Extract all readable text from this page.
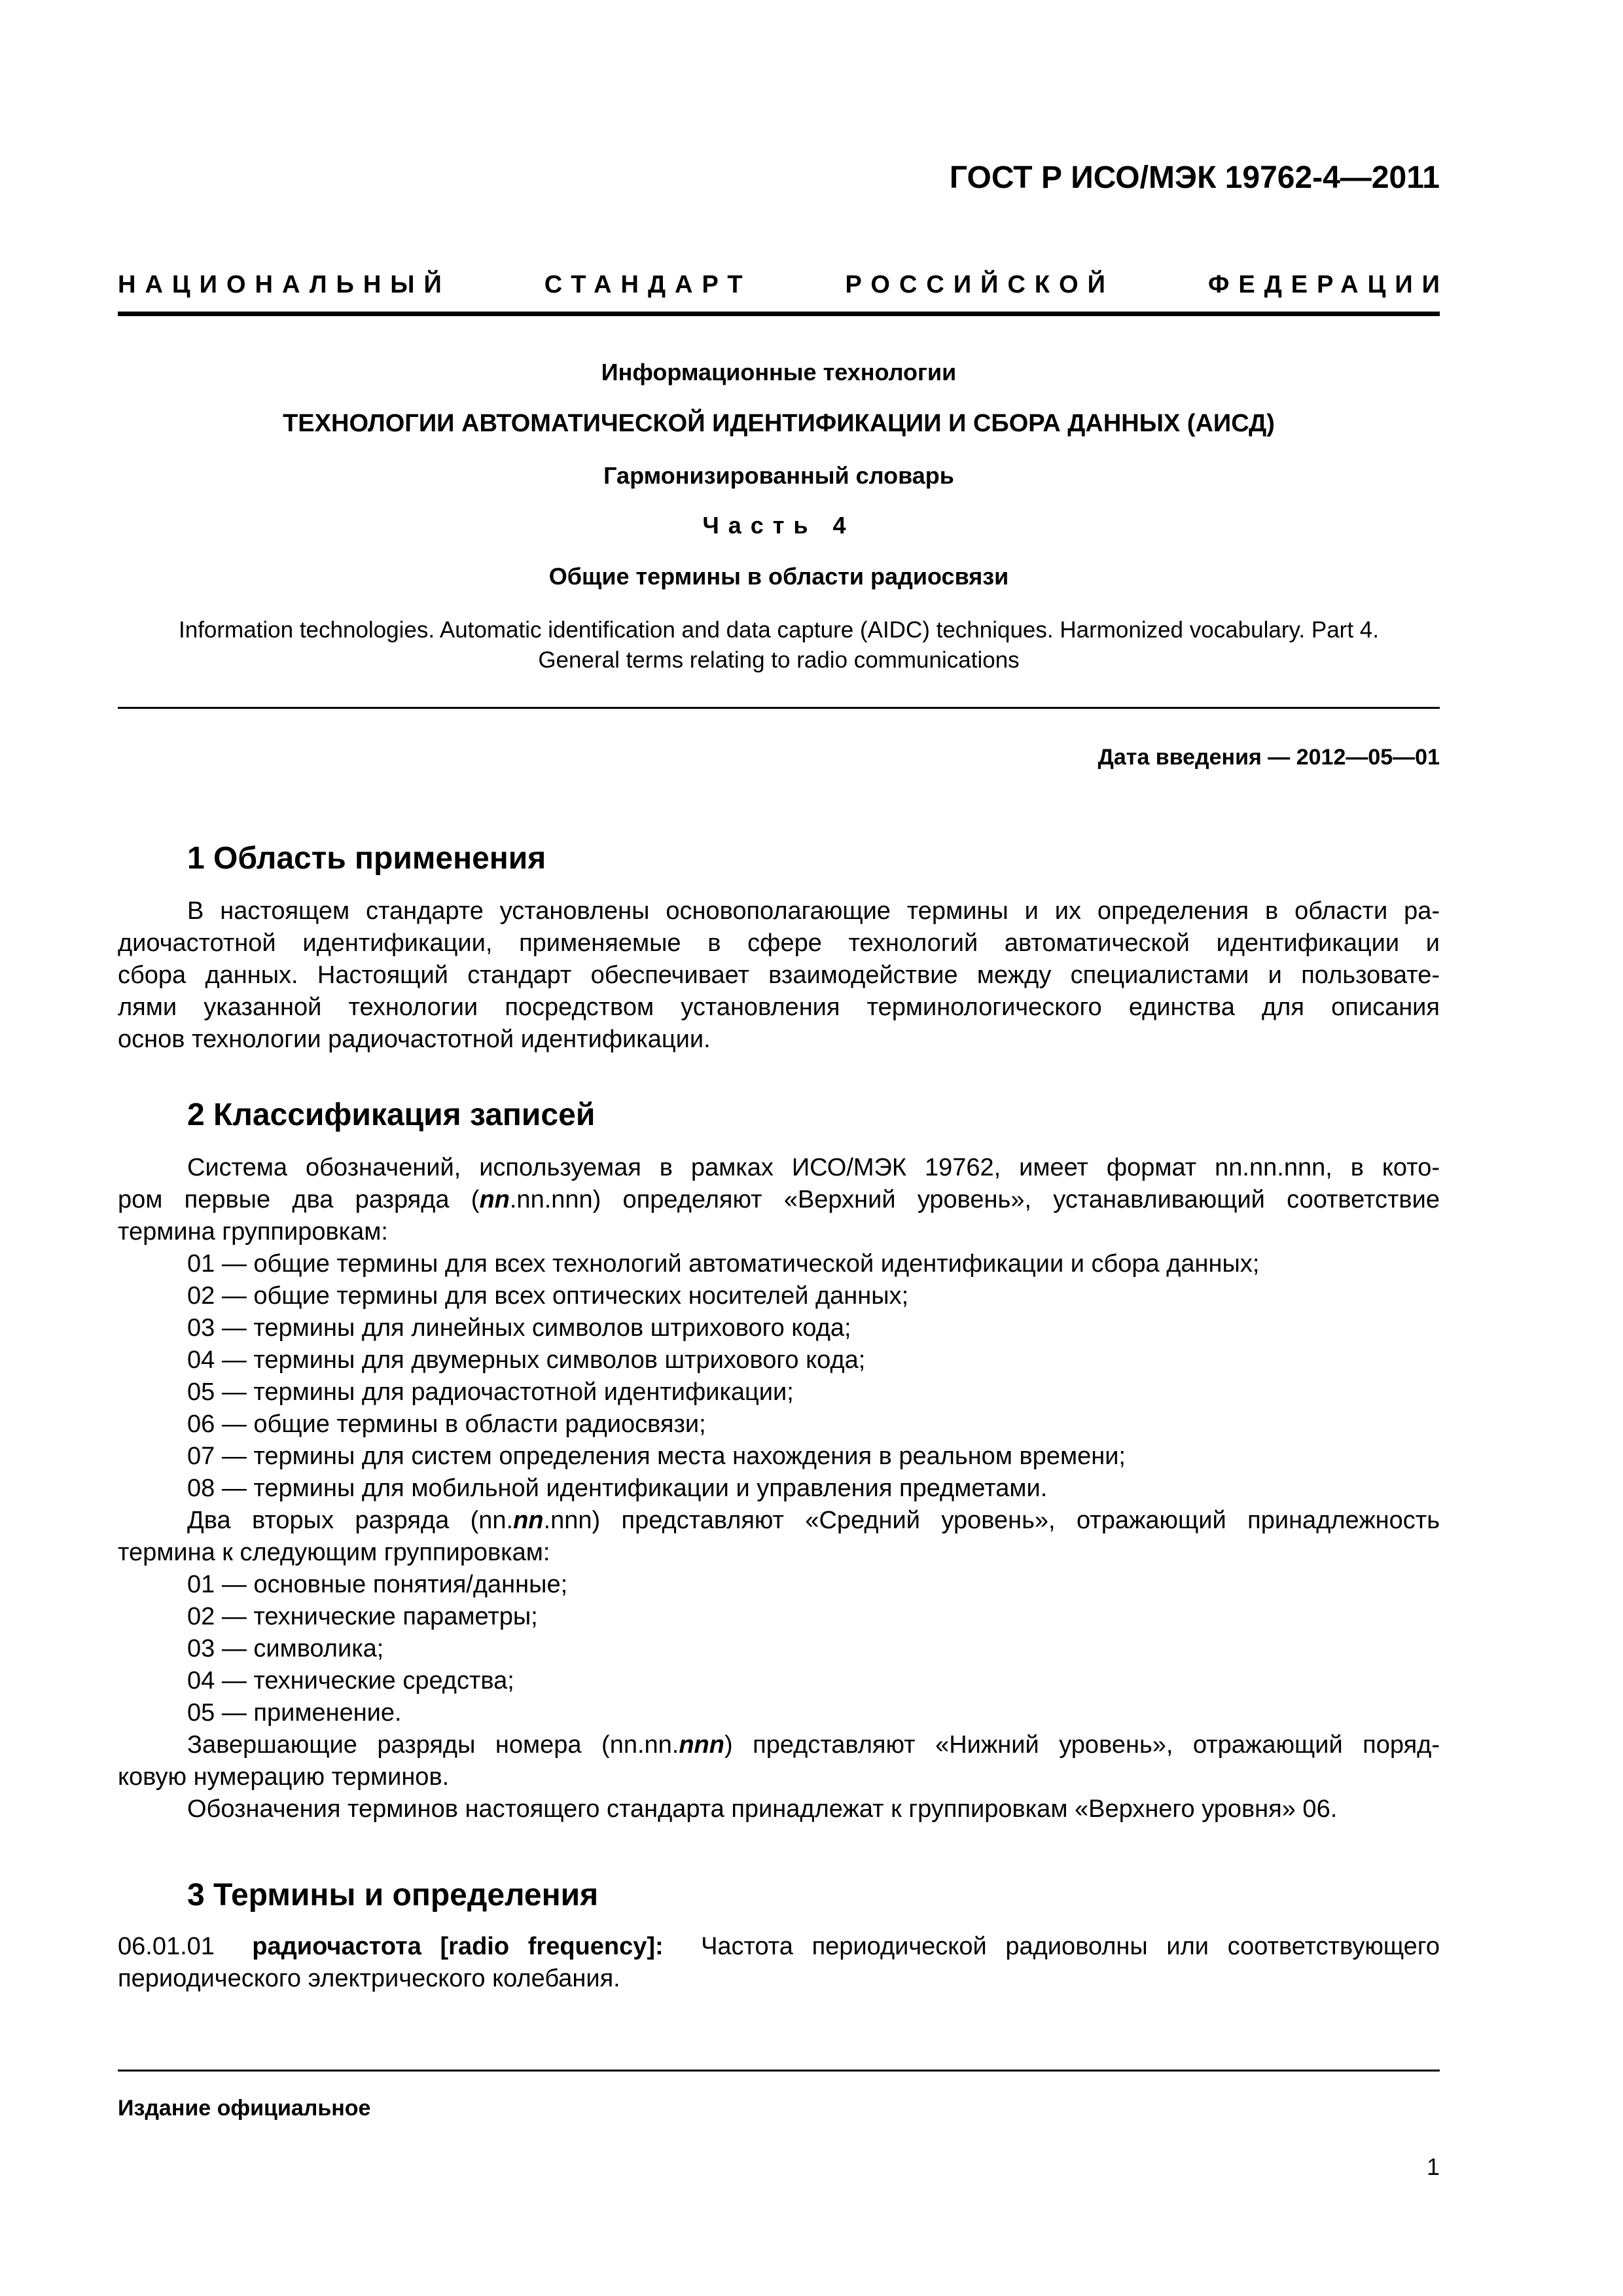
ГОСТ Р ИСО/МЭК 19762-4—2011
НАЦИОНАЛЬНЫЙ	СТАНДАРТ	РОССИЙСКОЙ	ФЕДЕРАЦИИ
Информационные технологии
ТЕХНОЛОГИИ АВТОМАТИЧЕСКОЙ ИДЕНТИФИКАЦИИ И СБОРА ДАННЫХ (АИСД)
Гармонизированный словарь
Часть 4
Общие термины в области радиосвязи
Information technologies. Automatic identification and data capture (AIDC) techniques. Harmonized vocabulary. Part 4.
General terms relating to radio communications
Дата введения — 2012—05—01
1 Область применения

В настоящем стандарте установлены основополагающие термины и их определения в области ра-

диочастотной идентификации, применяемые в сфере технологий автоматической идентификации и

сбора данных. Настоящий стандарт обеспечивает взаимодействие между специалистами и пользовате-

лями указанной технологии посредством установления терминологического единства для описания

основ технологии радиочастотной идентификации.

2 Классификация записей

Система обозначений, используемая в рамках ИСО/МЭК 19762, имеет формат nn.nn.nnn, в кото-

ром первые два разряда (nn.nn.nnn) определяют «Верхний уровень», устанавливающий соответствие

термина группировкам:

01 — общие термины для всех технологий автоматической идентификации и сбора данных;

02 — общие термины для всех оптических носителей данных;

03 — термины для линейных символов штрихового кода;

04 — термины для двумерных символов штрихового кода;

05 — термины для радиочастотной идентификации;

06 — общие термины в области радиосвязи;

07 — термины для систем определения места нахождения в реальном времени;

08 — термины для мобильной идентификации и управления предметами.

Два вторых разряда (nn.nn.nnn) представляют «Средний уровень», отражающий принадлежность

термина к следующим группировкам:

01 — основные понятия/данные;

02 — технические параметры;

03 — символика;

04 — технические средства;

05 — применение.

Завершающие разряды номера (nn.nn.nnn) представляют «Нижний уровень», отражающий поряд-

ковую нумерацию терминов.

Обозначения терминов настоящего стандарта принадлежат к группировкам «Верхнего уровня» 06.

3 Термины и определения

06.01.01 радиочастота [radio frequency]: Частота периодической радиоволны или соответствующего

периодического электрического колебания.

Издание официальное
1
